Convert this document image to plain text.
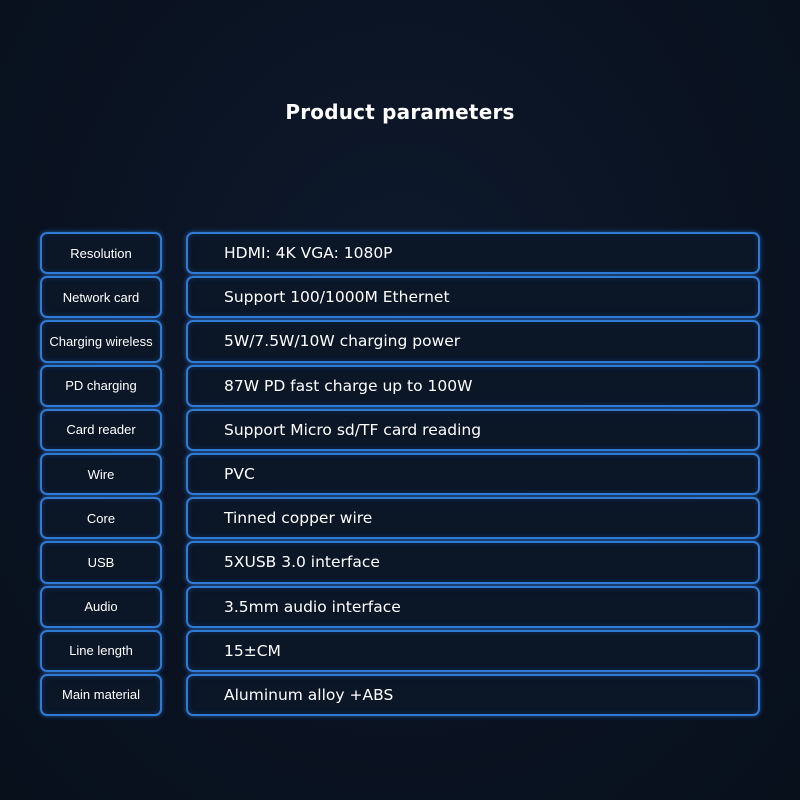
Product parameters
Resolution	HDMI: 4K VGA: 1080P
Network card	Support 100/1000M Ethernet
Charging wireless	5W/7.5W/10W charging power
PD charging	87W PD fast charge up to 100W
Card reader	Support Micro sd/TF card reading
Wire	PVC
Core	Tinned copper wire
USB	5XUSB 3.0 interface
Audio	3.5mm audio interface
Line length	15±CM
Main material	Aluminum alloy +ABS
